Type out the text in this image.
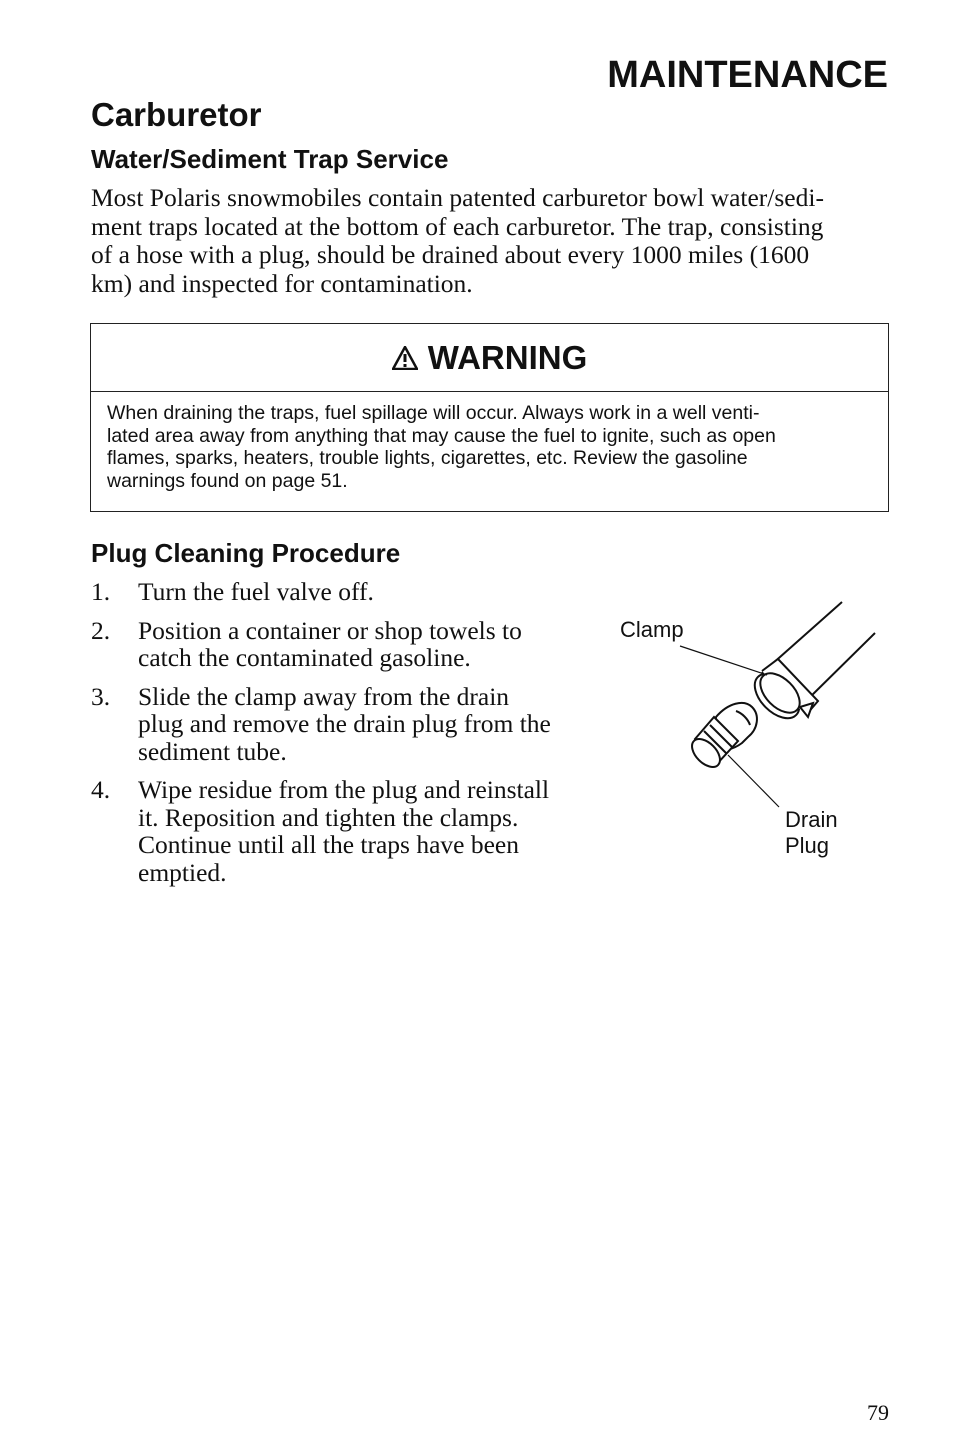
MAINTENANCE
Carburetor
Water/Sediment Trap Service

Most Polaris snowmobiles contain patented carburetor bowl water/sedi-
ment traps located at the bottom of each carburetor. The trap, consisting
of a hose with a plug, should be drained about every 1000 miles (1600
km) and inspected for contamination.

WARNING

When draining the traps, fuel spillage will occur. Always work in a well venti-
lated area away from anything that may cause the fuel to ignite, such as open
flames, sparks, heaters, trouble lights, cigarettes, etc. Review the gasoline
warnings found on page 51.

Plug Cleaning Procedure
1. Turn the fuel valve off.
2. Position a container or shop towels to
catch the contaminated gasoline.
3. Slide the clamp away from the drain
plug and remove the drain plug from the
sediment tube.
4. Wipe residue from the plug and reinstall
it. Reposition and tighten the clamps.
Continue until all the traps have been
emptied.

Clamp

Drain
Plug

79
